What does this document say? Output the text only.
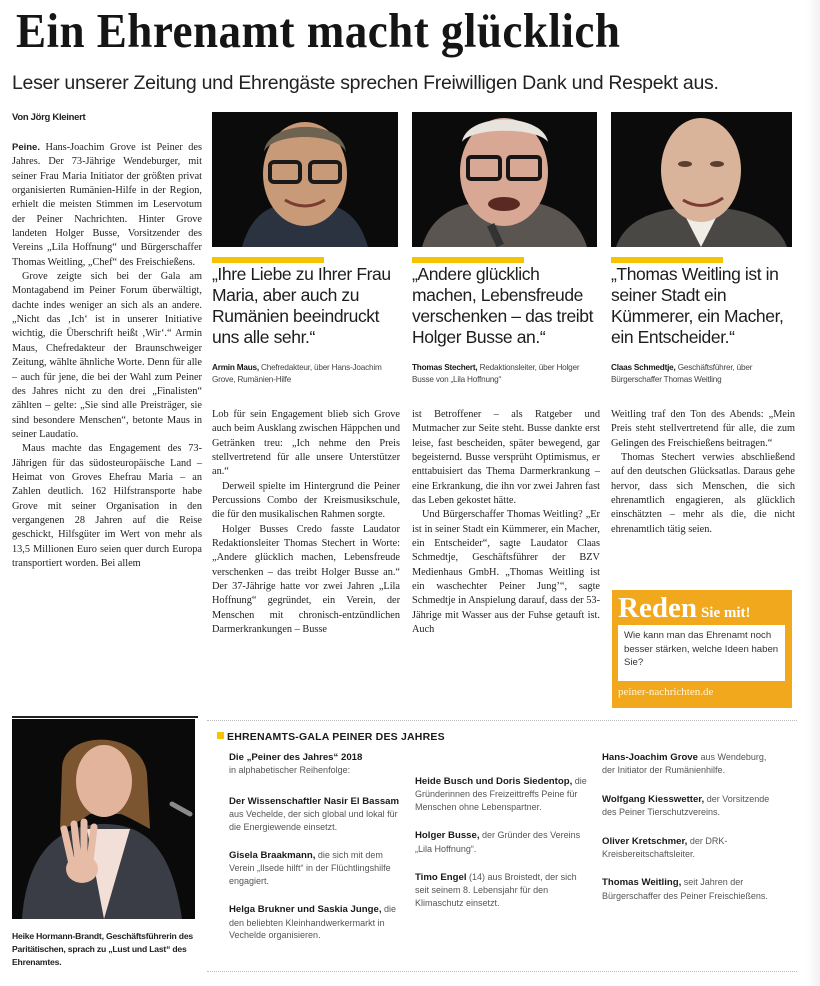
Ein Ehrenamt macht glücklich
Leser unserer Zeitung und Ehrengäste sprechen Freiwilligen Dank und Respekt aus.
Von Jörg Kleinert

Peine. Hans-Joachim Grove ist Peiner des Jahres. Der 73-Jährige Wendeburger, mit seiner Frau Maria Initiator der größten privat organisierten Rumänien-Hilfe in der Region, erhielt die meisten Stimmen im Leservotum der Peiner Nachrichten. Hinter Grove landeten Holger Busse, Vorsitzender des Vereins „Lila Hoffnung“ und Bürgerschaffer Thomas Weitling, „Chef“ des Freischießens.

Grove zeigte sich bei der Gala am Montagabend im Peiner Forum überwältigt, dachte indes weniger an sich als an andere. „Nicht das ‚Ich‘ ist in unserer Initiative wichtig, die Überschrift heißt ‚Wir‘.“ Armin Maus, Chefredakteur der Braunschweiger Zeitung, wählte ähnliche Worte. Denn für alle – auch für jene, die bei der Wahl zum Peiner des Jahres nicht zu den drei „Finalisten“ zählten – gelte: „Sie sind alle Preisträger, sie sind besondere Menschen“, betonte Maus in seiner Laudatio.

Maus machte das Engagement des 73-Jährigen für das südosteuropäische Land – Heimat von Groves Ehefrau Maria – an Zahlen deutlich. 162 Hilfstransporte habe Grove mit seiner Organisation in den vergangenen 28 Jahren auf die Reise geschickt, Hilfsgüter im Wert von mehr als 13,5 Millionen Euro seien quer durch Europa transportiert worden. Bei allem

„Ihre Liebe zu Ihrer Frau Maria, aber auch zu Rumänien beeindruckt uns alle sehr.“
Armin Maus, Chefredakteur, über Hans-Joachim Grove, Rumänien-Hilfe
„Andere glücklich machen, Lebensfreude verschenken – das treibt Holger Busse an.“
Thomas Stechert, Redaktionsleiter, über Holger Busse von „Lila Hoffnung“
„Thomas Weitling ist in seiner Stadt ein Kümmerer, ein Macher, ein Entscheider.“
Claas Schmedtje, Geschäftsführer, über Bürgerschaffer Thomas Weitling

Lob für sein Engagement blieb sich Grove auch beim Ausklang zwischen Häppchen und Getränken treu: „Ich nehme den Preis stellvertretend für alle unsere Unterstützer an.“

Derweil spielte im Hintergrund die Peiner Percussions Combo der Kreismusikschule, die für den musikalischen Rahmen sorgte.

Holger Busses Credo fasste Laudator Redaktionsleiter Thomas Stechert in Worte: „Andere glücklich machen, Lebensfreude verschenken – das treibt Holger Busse an.“ Der 37-Jährige hatte vor zwei Jahren „Lila Hoffnung“ gegründet, ein Verein, der Menschen mit chronisch-entzündlichen Darmerkrankungen – Busse

ist Betroffener – als Ratgeber und Mutmacher zur Seite steht. Busse dankte erst leise, fast bescheiden, später bewegend, gar begeisternd. Busse versprüht Optimismus, er enttabuisiert das Thema Darmerkrankung – eine Erkrankung, die ihn vor zwei Jahren fast das Leben gekostet hätte.

Und Bürgerschaffer Thomas Weitling? „Er ist in seiner Stadt ein Kümmerer, ein Macher, ein Entscheider“, sagte Laudator Claas Schmedtje, Geschäftsführer der BZV Medienhaus GmbH. „Thomas Weitling ist ein waschechter Peiner Jung’“, sagte Schmedtje in Anspielung darauf, dass der 53-Jährige mit Wasser aus der Fuhse getauft ist. Auch

Weitling traf den Ton des Abends: „Mein Preis steht stellvertretend für alle, die zum Gelingen des Freischießens beitragen.“

Thomas Stechert verwies abschließend auf den deutschen Glücksatlas. Daraus gehe hervor, dass sich Menschen, die sich ehrenamtlich engagieren, als glücklich einschätzten – mehr als die, die nicht ehrenamtlich tätig seien.

Reden Sie mit!
Wie kann man das Ehrenamt noch besser stärken, welche Ideen haben Sie?
peiner-nachrichten.de
Heike Hormann-Brandt, Geschäftsführerin des Paritätischen, sprach zu „Lust und Last“ des Ehrenamtes.
EHRENAMTS-GALA PEINER DES JAHRES
Die „Peiner des Jahres“ 2018
in alphabetischer Reihenfolge:
Der Wissenschaftler Nasir El Bassam aus Vechelde, der sich global und lokal für die Energiewende einsetzt.
Gisela Braakmann, die sich mit dem Verein „Ilsede hilft“ in der Flüchtlingshilfe engagiert.
Helga Brukner und Saskia Junge, die den beliebten Kleinhandwerkermarkt in Vechelde organisieren.
Heide Busch und Doris Siedentop, die Gründerinnen des Freizeittreffs Peine für Menschen ohne Lebenspartner.
Holger Busse, der Gründer des Vereins „Lila Hoffnung“.
Timo Engel (14) aus Broistedt, der sich seit seinem 8. Lebensjahr für den Klimaschutz einsetzt.
Hans-Joachim Grove aus Wendeburg, der Initiator der Rumänienhilfe.
Wolfgang Kiesswetter, der Vorsitzende des Peiner Tierschutzvereins.
Oliver Kretschmer, der DRK-Kreisbereitschaftsleiter.
Thomas Weitling, seit Jahren der Bürgerschaffer des Peiner Freischießens.
